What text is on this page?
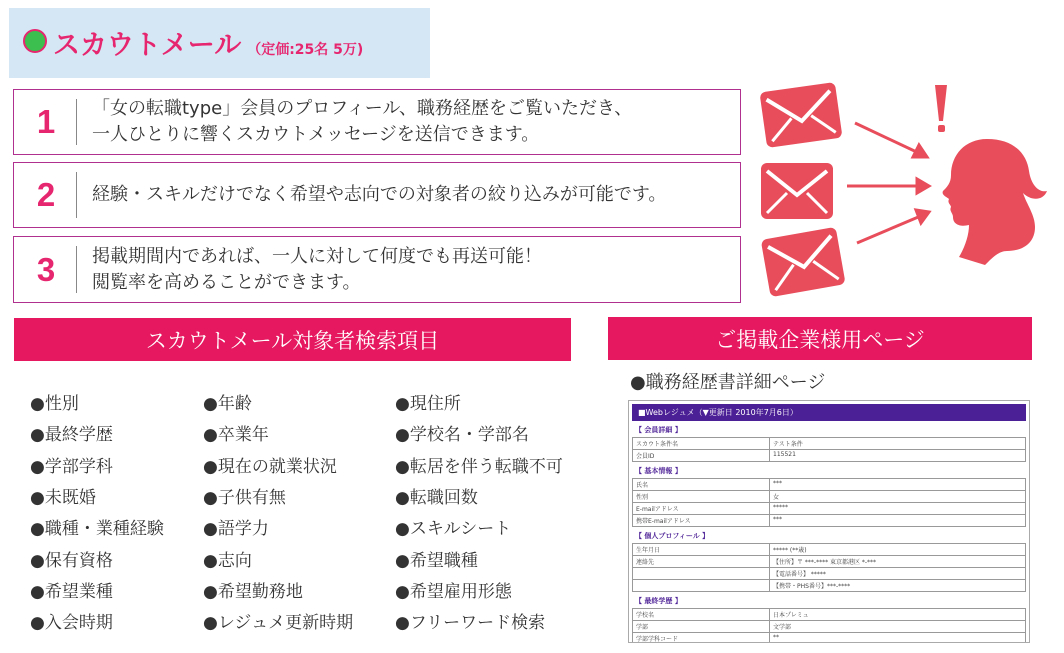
スカウトメール （定価:25名 5万)
1	「女の転職type」会員のプロフィール、職務経歴をご覧いただき、
一人ひとりに響くスカウトメッセージを送信できます。
2	経験・スキルだけでなく希望や志向での対象者の絞り込みが可能です。
3	掲載期間内であれば、一人に対して何度でも再送可能！
閲覧率を高めることができます。
スカウトメール対象者検索項目
●性別
●最終学歴
●学部学科
●未既婚
●職種・業種経験
●保有資格
●希望業種
●入会時期
●年齢
●卒業年
●現在の就業状況
●子供有無
●語学力
●志向
●希望勤務地
●レジュメ更新時期
●現住所
●学校名・学部名
●転居を伴う転職不可
●転職回数
●スキルシート
●希望職種
●希望雇用形態
●フリーワード検索
ご掲載企業様用ページ
●職務経歴書詳細ページ
■Webレジュメ（▼更新日 2010年7月6日）
【 会員詳細 】
スカウト条件名	テスト条件
会員ID	115521
【 基本情報 】
氏名	***
性別	女
E-mailアドレス	*****
携帯E-mailアドレス	***
【 個人プロフィール 】
生年月日	***** (**歳)
連絡先	【住所】〒 ***-**** 東京都港区 *-***
【電話番号】 *****
【携帯・PHS番号】***-****
【 最終学歴 】
学校名	日本プレミュ
学部	文学部
学部学科コード	**
